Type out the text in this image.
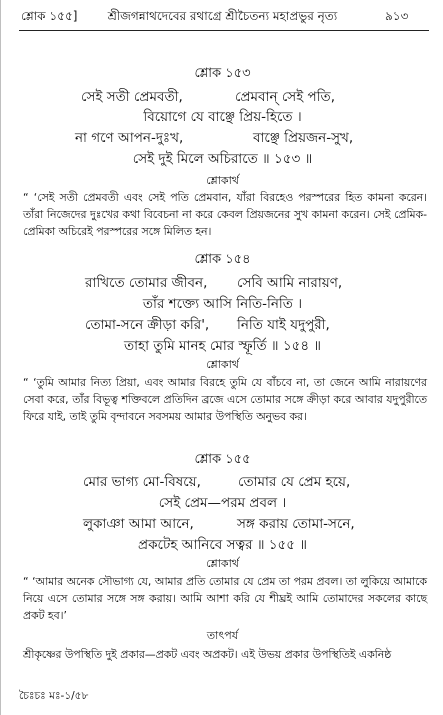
শ্লোক ১৫৫]	শ্রীজগন্নাথদেবের রথাগ্রে শ্রীচৈতন্য মহাপ্রভুর নৃত্য	৯১৩
শ্লোক ১৫৩
সেই সতী প্রেমবতী,	প্রেমবান্ সেই পতি,
বিয়োগে যে বাঞ্ছে প্রিয়-হিতে ।
না গণে আপন-দুঃখ,	বাঞ্ছে প্রিয়জন-সুখ,
সেই দুই মিলে অচিরাতে ॥ ১৫৩ ॥
শ্লোকার্থ
“ ‘সেই সতী প্রেমবতী এবং সেই পতি প্রেমবান, যাঁরা বিরহেও পরস্পরের হিত কামনা করেন। তাঁরা নিজেদের দুঃখের কথা বিবেচনা না করে কেবল প্রিয়জনের সুখ কামনা করেন। সেই প্রেমিক-প্রেমিকা অচিরেই পরস্পরের সঙ্গে মিলিত হন।
শ্লোক ১৫৪
রাখিতে তোমার জীবন, সেবি আমি নারায়ণ,
তাঁর শক্ত্যে আসি নিতি-নিতি ।
তোমা-সনে ক্রীড়া করি', নিতি যাই যদুপুরী,
তাহা তুমি মানহ মোর স্ফূর্তি ॥ ১৫৪ ॥
শ্লোকার্থ
“ ‘তুমি আমার নিত্য প্রিয়া, এবং আমার বিরহে তুমি যে বাঁচবে না, তা জেনে আমি নারায়ণের সেবা করে, তাঁর বিভূত্ব শক্তিবলে প্রতিদিন ব্রজে এসে তোমার সঙ্গে ক্রীড়া করে আবার যদুপুরীতে ফিরে যাই, তাই তুমি বৃন্দাবনে সবসময় আমার উপস্থিতি অনুভব কর।
শ্লোক ১৫৫
মোর ভাগ্য মো-বিষয়ে,	তোমার যে প্রেম হয়ে,
সেই প্রেম—পরম প্রবল ।
লুকাঞা আমা আনে,	সঙ্গ করায় তোমা-সনে,
প্রকটেহ আনিবে সত্বর ॥ ১৫৫ ॥
শ্লোকার্থ
“ ‘আমার অনেক সৌভাগ্য যে, আমার প্রতি তোমার যে প্রেম তা পরম প্রবল। তা লুকিয়ে আমাকে নিয়ে এসে তোমার সঙ্গে সঙ্গ করায়। আমি আশা করি যে শীঘ্রই আমি তোমাদের সকলের কাছে প্রকট হব।’
তাৎপর্য
শ্রীকৃষ্ণের উপস্থিতি দুই প্রকার—প্রকট এবং অপ্রকট। এই উভয় প্রকার উপস্থিতিই একনিষ্ঠ
চৈঃচঃ মঃ-১/৫৮
